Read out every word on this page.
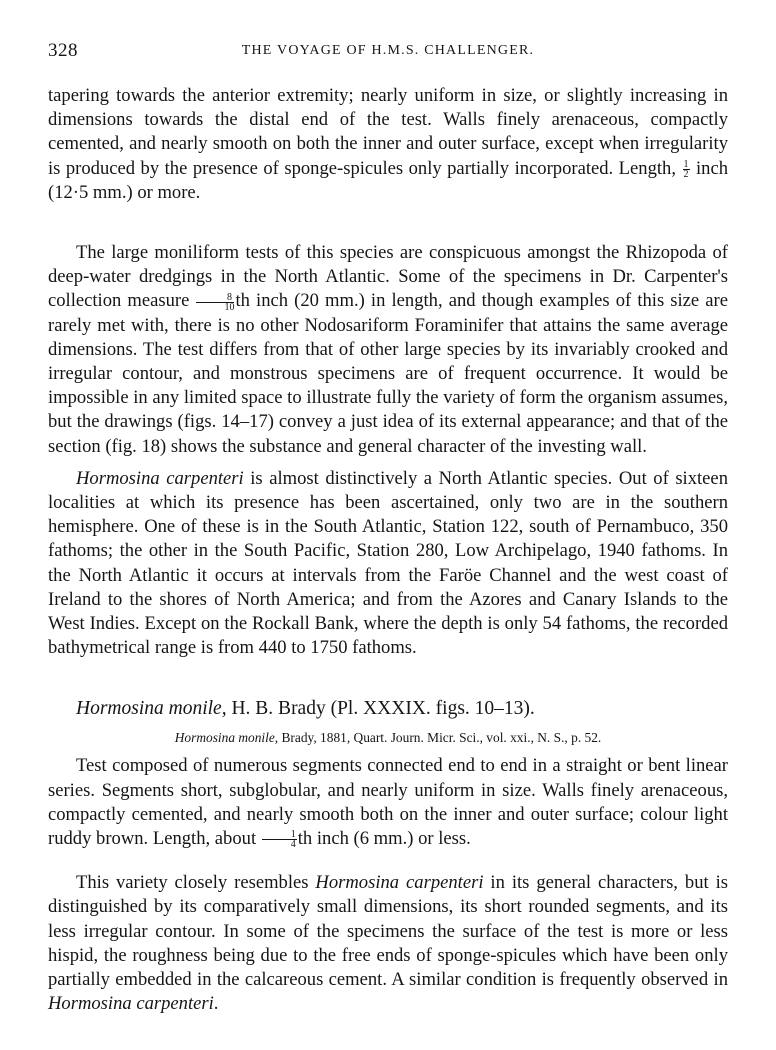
328	THE VOYAGE OF H.M.S. CHALLENGER.

tapering towards the anterior extremity; nearly uniform in size, or slightly increasing in dimensions towards the distal end of the test. Walls finely arenaceous, compactly cemented, and nearly smooth on both the inner and outer surface, except when irregularity is produced by the presence of sponge-spicules only partially incorporated. Length, $\frac{1}{2}$ inch (12·5 mm.) or more.

The large moniliform tests of this species are conspicuous amongst the Rhizopoda of deep-water dredgings in the North Atlantic. Some of the specimens in Dr. Carpenter's collection measure $\frac{8}{10}$ th inch (20 mm.) in length, and though examples of this size are rarely met with, there is no other Nodosariform Foraminifer that attains the same average dimensions. The test differs from that of other large species by its invariably crooked and irregular contour, and monstrous specimens are of frequent occurrence. It would be impossible in any limited space to illustrate fully the variety of form the organism assumes, but the drawings (figs. 14–17) convey a just idea of its external appearance; and that of the section (fig. 18) shows the substance and general character of the investing wall.

Hormosina carpenteri is almost distinctively a North Atlantic species. Out of sixteen localities at which its presence has been ascertained, only two are in the southern hemisphere. One of these is in the South Atlantic, Station 122, south of Pernambuco, 350 fathoms; the other in the South Pacific, Station 280, Low Archipelago, 1940 fathoms. In the North Atlantic it occurs at intervals from the Faröe Channel and the west coast of Ireland to the shores of North America; and from the Azores and Canary Islands to the West Indies. Except on the Rockall Bank, where the depth is only 54 fathoms, the recorded bathymetrical range is from 440 to 1750 fathoms.

Hormosina monile, H. B. Brady (Pl. XXXIX. figs. 10–13).

Hormosina monile, Brady, 1881, Quart. Journ. Micr. Sci., vol. xxi., N. S., p. 52.

Test composed of numerous segments connected end to end in a straight or bent linear series. Segments short, subglobular, and nearly uniform in size. Walls finely arenaceous, compactly cemented, and nearly smooth both on the inner and outer surface; colour light ruddy brown. Length, about $\frac{1}{4}$ th inch (6 mm.) or less.

This variety closely resembles Hormosina carpenteri in its general characters, but is distinguished by its comparatively small dimensions, its short rounded segments, and its less irregular contour. In some of the specimens the surface of the test is more or less hispid, the roughness being due to the free ends of sponge-spicules which have been only partially embedded in the calcareous cement. A similar condition is frequently observed in Hormosina carpenteri.
